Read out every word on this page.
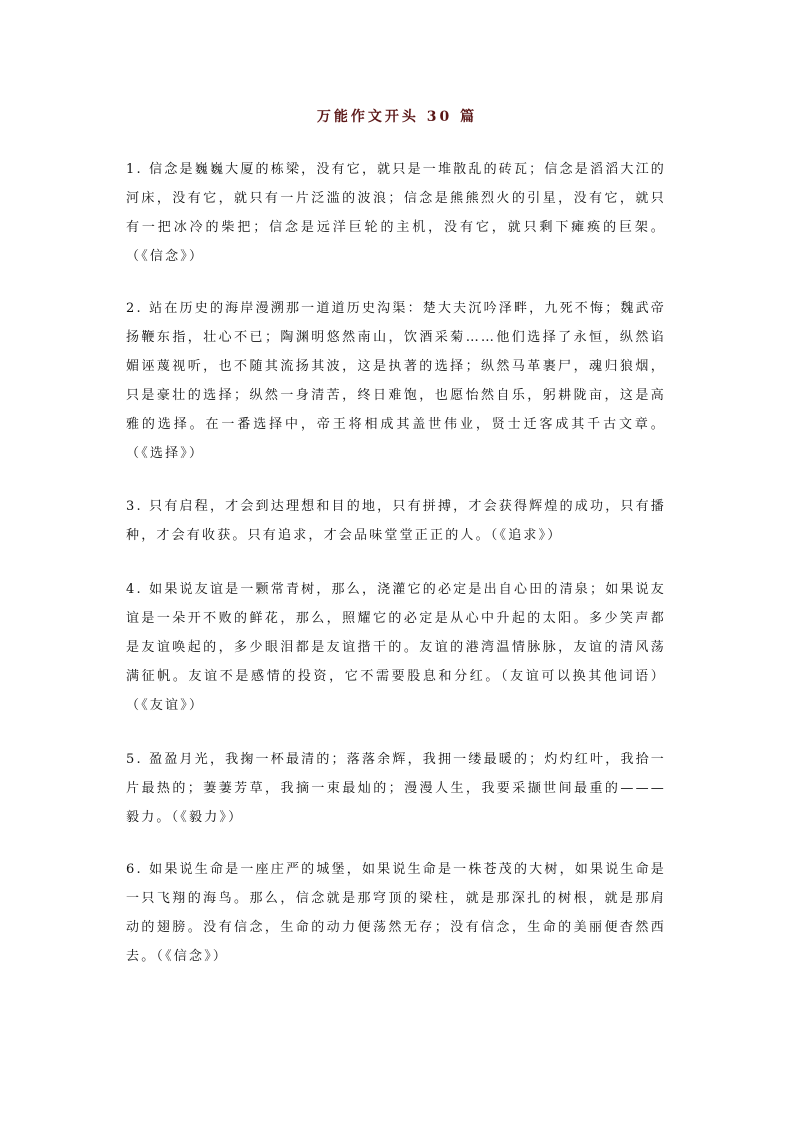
万能作文开头 30 篇

1. 信念是巍巍大厦的栋梁，没有它，就只是一堆散乱的砖瓦；信念是滔滔大江的河床，没有它，就只有一片泛滥的波浪；信念是熊熊烈火的引星，没有它，就只有一把冰冷的柴把；信念是远洋巨轮的主机，没有它，就只剩下瘫痪的巨架。（《信念》）

2. 站在历史的海岸漫溯那一道道历史沟渠：楚大夫沉吟泽畔，九死不悔；魏武帝扬鞭东指，壮心不已；陶渊明悠然南山，饮酒采菊……他们选择了永恒，纵然谄媚诬蔑视听，也不随其流扬其波，这是执著的选择；纵然马革裹尸，魂归狼烟，只是豪壮的选择；纵然一身清苦，终日难饱，也愿怡然自乐，躬耕陇亩，这是高雅的选择。在一番选择中，帝王将相成其盖世伟业，贤士迁客成其千古文章。（《选择》）

3. 只有启程，才会到达理想和目的地，只有拼搏，才会获得辉煌的成功，只有播种，才会有收获。只有追求，才会品味堂堂正正的人。（《追求》）

4. 如果说友谊是一颗常青树，那么，浇灌它的必定是出自心田的清泉；如果说友谊是一朵开不败的鲜花，那么，照耀它的必定是从心中升起的太阳。多少笑声都是友谊唤起的，多少眼泪都是友谊揩干的。友谊的港湾温情脉脉，友谊的清风荡满征帆。友谊不是感情的投资，它不需要股息和分红。（友谊可以换其他词语）（《友谊》）

5. 盈盈月光，我掬一杯最清的；落落余辉，我拥一缕最暖的；灼灼红叶，我拾一片最热的；萋萋芳草，我摘一束最灿的；漫漫人生，我要采撷世间最重的———毅力。（《毅力》）

6. 如果说生命是一座庄严的城堡，如果说生命是一株苍茂的大树，如果说生命是一只飞翔的海鸟。那么，信念就是那穹顶的梁柱，就是那深扎的树根，就是那肩动的翅膀。没有信念，生命的动力便荡然无存；没有信念，生命的美丽便杳然西去。（《信念》）
